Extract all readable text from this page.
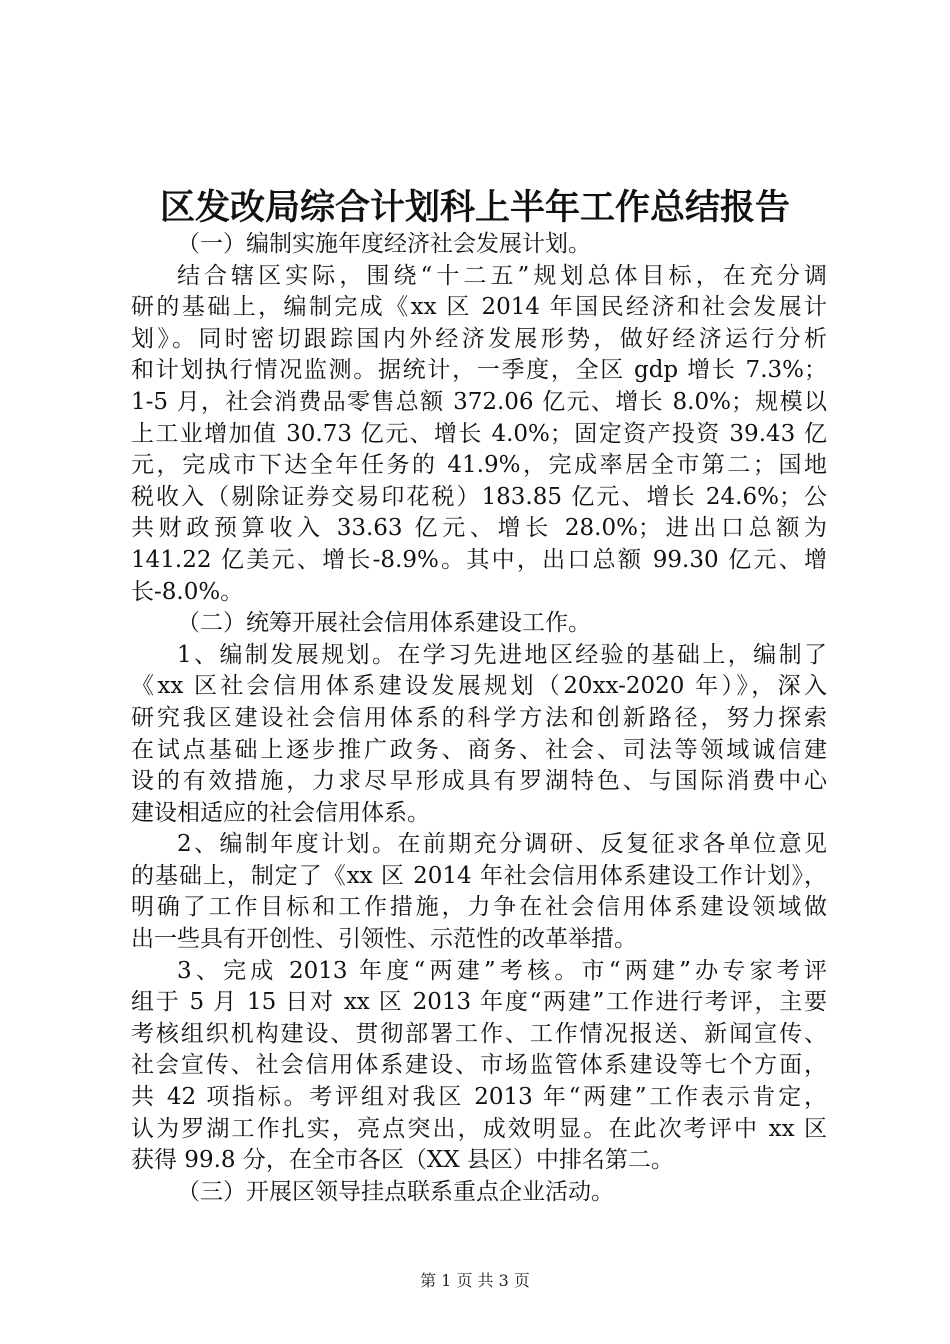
区发改局综合计划科上半年工作总结报告
（一）编制实施年度经济社会发展计划。
结合辖区实际，围绕“十二五”规划总体目标，在充分调
研的基础上，编制完成《xx 区 2014 年国民经济和社会发展计
划》。同时密切跟踪国内外经济发展形势，做好经济运行分析
和计划执行情况监测。据统计，一季度，全区 gdp 增长 7.3%；
1-5 月，社会消费品零售总额 372.06 亿元、增长 8.0%；规模以
上工业增加值 30.73 亿元、增长 4.0%；固定资产投资 39.43 亿
元，完成市下达全年任务的 41.9%，完成率居全市第二；国地
税收入（剔除证券交易印花税）183.85 亿元、增长 24.6%；公
共财政预算收入 33.63 亿元、增长 28.0%；进出口总额为
141.22 亿美元、增长-8.9%。其中，出口总额 99.30 亿元、增
长-8.0%。
（二）统筹开展社会信用体系建设工作。
1、编制发展规划。在学习先进地区经验的基础上，编制了
《xx 区社会信用体系建设发展规划（20xx-2020 年）》，深入
研究我区建设社会信用体系的科学方法和创新路径，努力探索
在试点基础上逐步推广政务、商务、社会、司法等领域诚信建
设的有效措施，力求尽早形成具有罗湖特色、与国际消费中心
建设相适应的社会信用体系。
2、编制年度计划。在前期充分调研、反复征求各单位意见
的基础上，制定了《xx 区 2014 年社会信用体系建设工作计划》，
明确了工作目标和工作措施，力争在社会信用体系建设领域做
出一些具有开创性、引领性、示范性的改革举措。
3、完成 2013 年度“两建”考核。市“两建”办专家考评
组于 5 月 15 日对 xx 区 2013 年度“两建”工作进行考评，主要
考核组织机构建设、贯彻部署工作、工作情况报送、新闻宣传、
社会宣传、社会信用体系建设、市场监管体系建设等七个方面，
共 42 项指标。考评组对我区 2013 年“两建”工作表示肯定，
认为罗湖工作扎实，亮点突出，成效明显。在此次考评中 xx 区
获得 99.8 分，在全市各区（XX 县区）中排名第二。
（三）开展区领导挂点联系重点企业活动。
第 1 页 共 3 页
